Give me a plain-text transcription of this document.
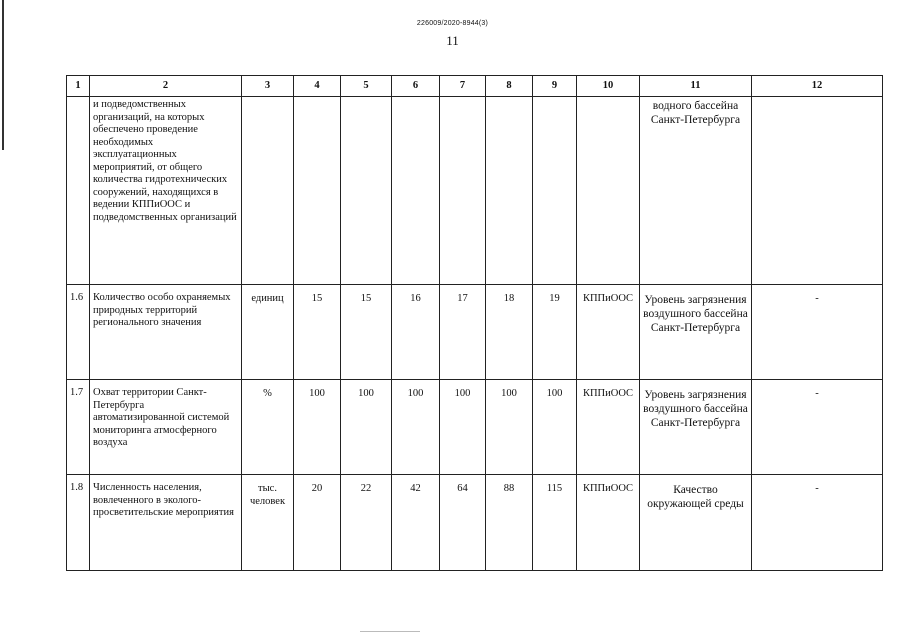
226009/2020-8944(3)
11
1	2	3	4	5	6	7	8	9	10	11	12
	и подведомственных организаций, на которых обеспечено проведение необходимых эксплуатационных мероприятий, от общего количества гидротехнических сооружений, находящихся в ведении КППиООС и подведомственных организаций									водного бассейна Санкт-Петербурга	
1.6	Количество особо охраняемых природных территорий регионального значения	единиц	15	15	16	17	18	19	КППиООС	Уровень загрязнения воздушного бассейна Санкт-Петербурга	-
1.7	Охват территории Санкт-Петербурга автоматизированной системой мониторинга атмосферного воздуха	%	100	100	100	100	100	100	КППиООС	Уровень загрязнения воздушного бассейна Санкт-Петербурга	-
1.8	Численность населения, вовлеченного в эколого-просветительские мероприятия	тыс. человек	20	22	42	64	88	115	КППиООС	Качество окружающей среды	-
